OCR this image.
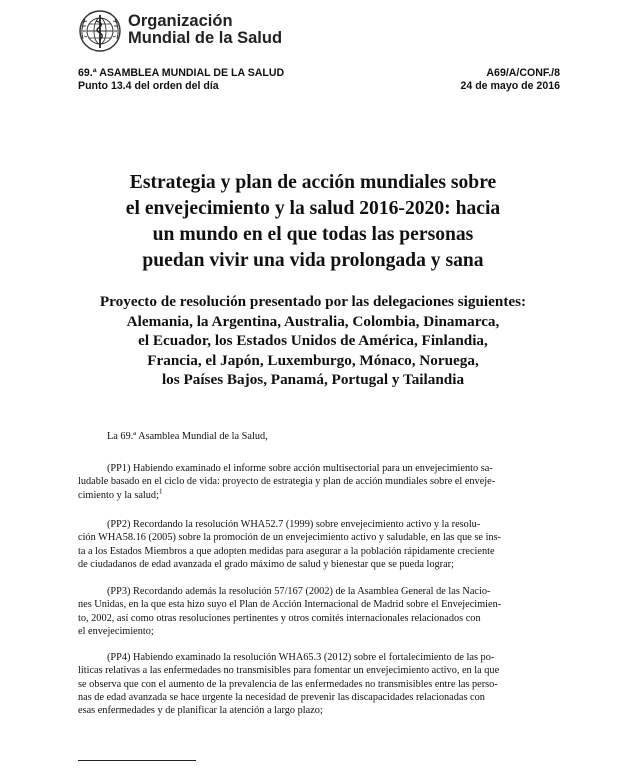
Organización
Mundial de la Salud
69.ª ASAMBLEA MUNDIAL DE LA SALUD
Punto 13.4 del orden del día
A69/A/CONF./8
24 de mayo de 2016
Estrategia y plan de acción mundiales sobre
el envejecimiento y la salud 2016-2020: hacia
un mundo en el que todas las personas
puedan vivir una vida prolongada y sana
Proyecto de resolución presentado por las delegaciones siguientes:
Alemania, la Argentina, Australia, Colombia, Dinamarca,
el Ecuador, los Estados Unidos de América, Finlandia,
Francia, el Japón, Luxemburgo, Mónaco, Noruega,
los Países Bajos, Panamá, Portugal y Tailandia
La 69.ª Asamblea Mundial de la Salud,
(PP1) Habiendo examinado el informe sobre acción multisectorial para un envejecimiento sa-
ludable basado en el ciclo de vida: proyecto de estrategia y plan de acción mundiales sobre el enveje-
cimiento y la salud;$^1$
(PP2) Recordando la resolución WHA52.7 (1999) sobre envejecimiento activo y la resolu-
ción WHA58.16 (2005) sobre la promoción de un envejecimiento activo y saludable, en las que se ins-
ta a los Estados Miembros a que adopten medidas para asegurar a la población rápidamente creciente
de ciudadanos de edad avanzada el grado máximo de salud y bienestar que se pueda lograr;
(PP3) Recordando además la resolución 57/167 (2002) de la Asamblea General de las Nacio-
nes Unidas, en la que esta hizo suyo el Plan de Acción Internacional de Madrid sobre el Envejecimien-
to, 2002, así como otras resoluciones pertinentes y otros comités internacionales relacionados con
el envejecimiento;
(PP4) Habiendo examinado la resolución WHA65.3 (2012) sobre el fortalecimiento de las po-
líticas relativas a las enfermedades no transmisibles para fomentar un envejecimiento activo, en la que
se observa que con el aumento de la prevalencia de las enfermedades no transmisibles entre las perso-
nas de edad avanzada se hace urgente la necesidad de prevenir las discapacidades relacionadas con
esas enfermedades y de planificar la atención a largo plazo;
